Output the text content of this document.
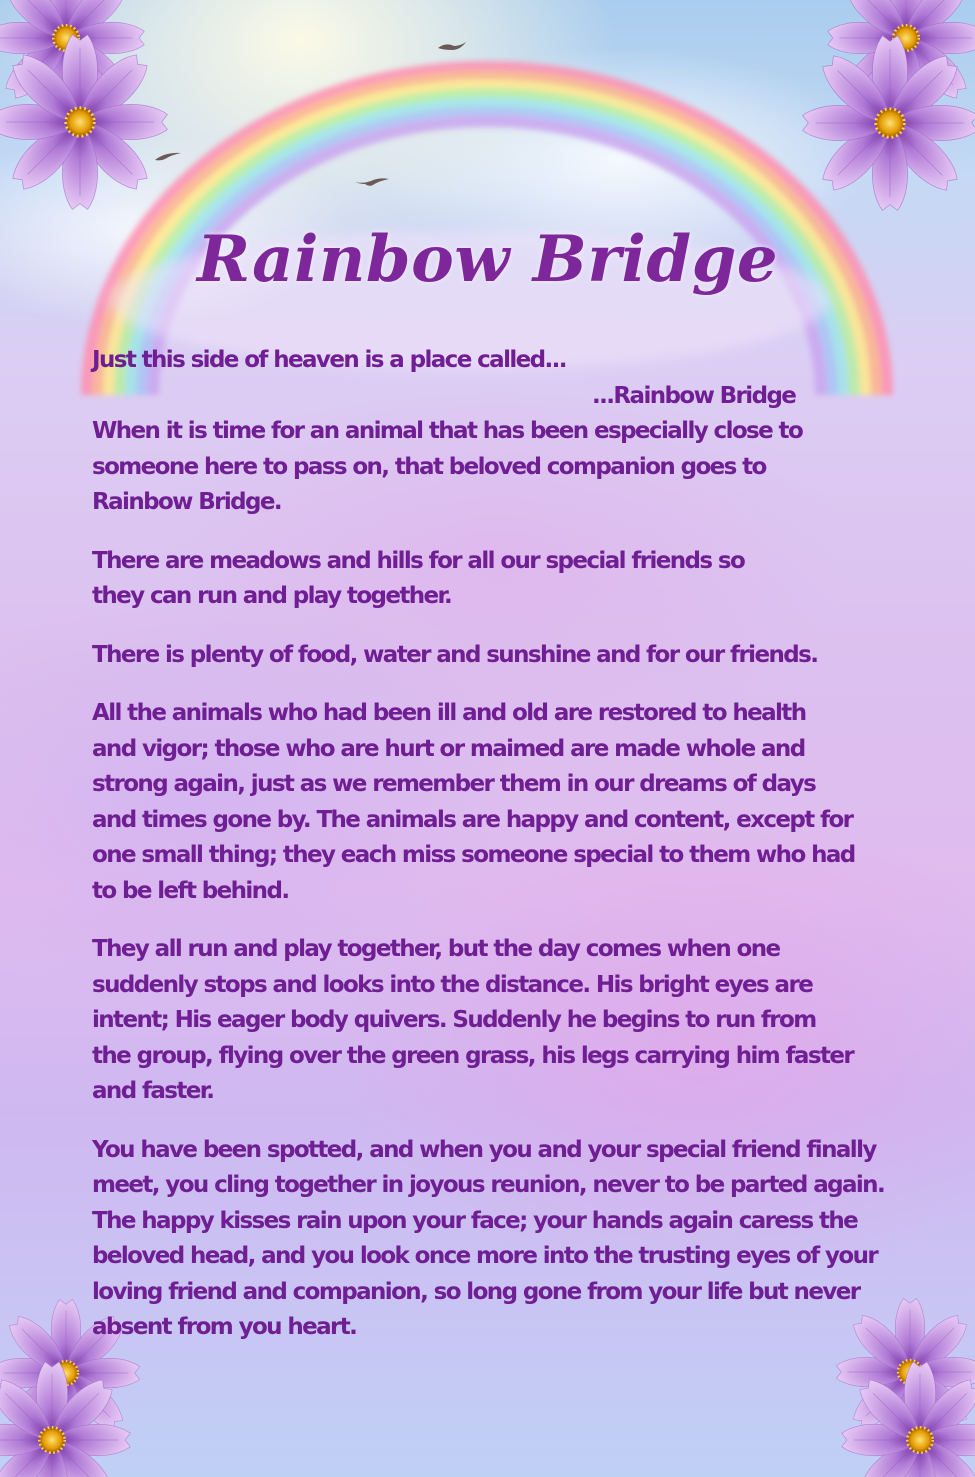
Rainbow Bridge
Just this side of heaven is a place called...
...Rainbow Bridge

When it is time for an animal that has been especially close to
someone here to pass on, that beloved companion goes to
Rainbow Bridge.

There are meadows and hills for all our special friends so
they can run and play together.

There is plenty of food, water and sunshine and for our friends.

All the animals who had been ill and old are restored to health
and vigor; those who are hurt or maimed are made whole and
strong again, just as we remember them in our dreams of days
and times gone by. The animals are happy and content, except for
one small thing; they each miss someone special to them who had
to be left behind.

They all run and play together, but the day comes when one
suddenly stops and looks into the distance. His bright eyes are
intent; His eager body quivers. Suddenly he begins to run from
the group, flying over the green grass, his legs carrying him faster
and faster.

You have been spotted, and when you and your special friend finally
meet, you cling together in joyous reunion, never to be parted again.
The happy kisses rain upon your face; your hands again caress the
beloved head, and you look once more into the trusting eyes of your
loving friend and companion, so long gone from your life but never
absent from you heart.
